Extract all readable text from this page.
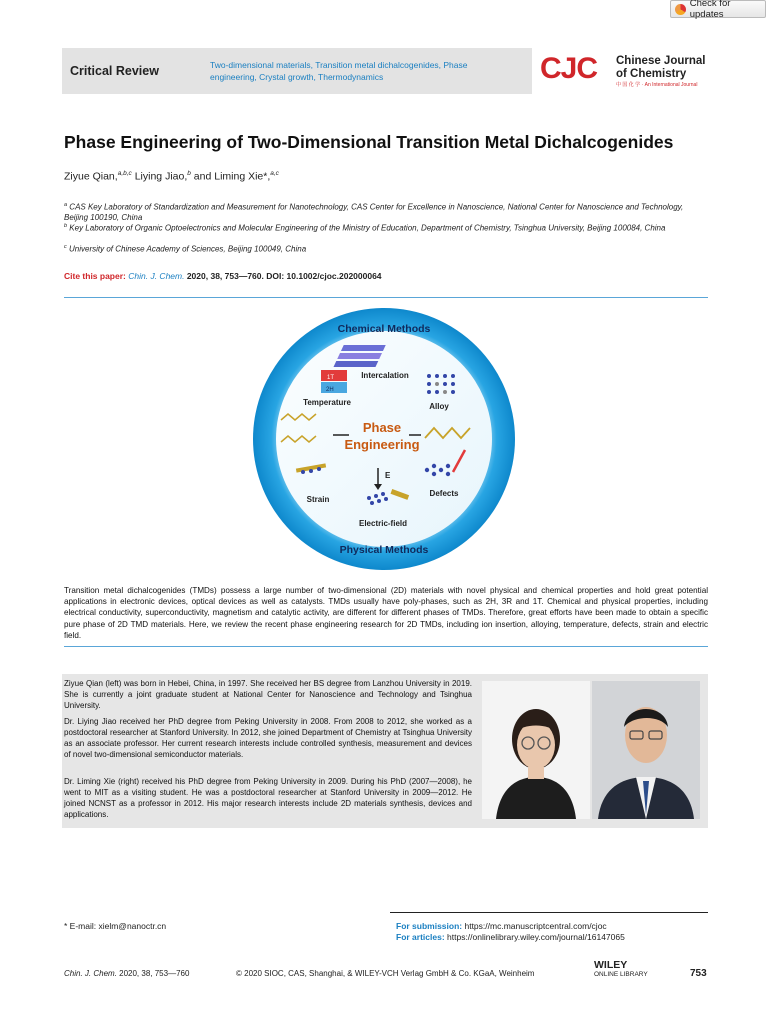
Check for updates
Critical Review	Two-dimensional materials, Transition metal dichalcogenides, Phase engineering, Crystal growth, Thermodynamics	CJC Chinese Journal
of Chemistry
中 国 化 学 · An International Journal
Phase Engineering of Two-Dimensional Transition Metal Dichalcogenides
Ziyue Qian,$^{a,b,c}$ Liying Jiao,$^b$ and Liming Xie*,$^{a,c}$
$^a$ CAS Key Laboratory of Standardization and Measurement for Nanotechnology, CAS Center for Excellence in Nanoscience, National Center for Nanoscience and Technology, Beijing 100190, China
$^b$ Key Laboratory of Organic Optoelectronics and Molecular Engineering of the Ministry of Education, Department of Chemistry, Tsinghua University, Beijing 100084, China
$^c$ University of Chinese Academy of Sciences, Beijing 100049, China
Cite this paper: Chin. J. Chem. 2020, 38, 753—760. DOI: 10.1002/cjoc.202000064
Chemical Methods
Physical Methods
Intercalation
1T
2H
Temperature	Alloy
Phase
Engineering
Strain
Defects
E
Electric-field
Transition metal dichalcogenides (TMDs) possess a large number of two-dimensional (2D) materials with novel physical and chemical properties and hold great potential applications in electronic devices, optical devices as well as catalysts. TMDs usually have poly-phases, such as 2H, 3R and 1T. Chemical and physical properties, including electrical conductivity, superconductivity, magnetism and catalytic activity, are different for different phases of TMDs. Therefore, great efforts have been made to obtain a specific pure phase of 2D TMD materials. Here, we review the recent phase engineering research for 2D TMDs, including ion insertion, alloying, temperature, defects, strain and electric field.

Ziyue Qian (left) was born in Hebei, China, in 1997. She received her BS degree from Lanzhou University in 2019. She is currently a joint graduate student at National Center for Nanoscience and Technology and Tsinghua University.

Dr. Liying Jiao received her PhD degree from Peking University in 2008. From 2008 to 2012, she worked as a postdoctoral researcher at Stanford University. In 2012, she joined Department of Chemistry at Tsinghua University as an associate professor. Her current research interests include controlled synthesis, measurement and devices of novel two-dimensional semiconductor materials.

Dr. Liming Xie (right) received his PhD degree from Peking University in 2009. During his PhD (2007—2008), he went to MIT as a visiting student. He was a postdoctoral researcher at Stanford University in 2009—2012. He joined NCNST as a professor in 2012. His major research interests include 2D materials synthesis, devices and applications.

* E-mail: xielm@nanoctr.cn	For submission: https://mc.manuscriptcentral.com/cjoc
For articles: https://onlinelibrary.wiley.com/journal/16147065
Chin. J. Chem. 2020, 38, 753—760	© 2020 SIOC, CAS, Shanghai, & WILEY-VCH Verlag GmbH & Co. KGaA, Weinheim
WILEY
ONLINE LIBRARY	753
